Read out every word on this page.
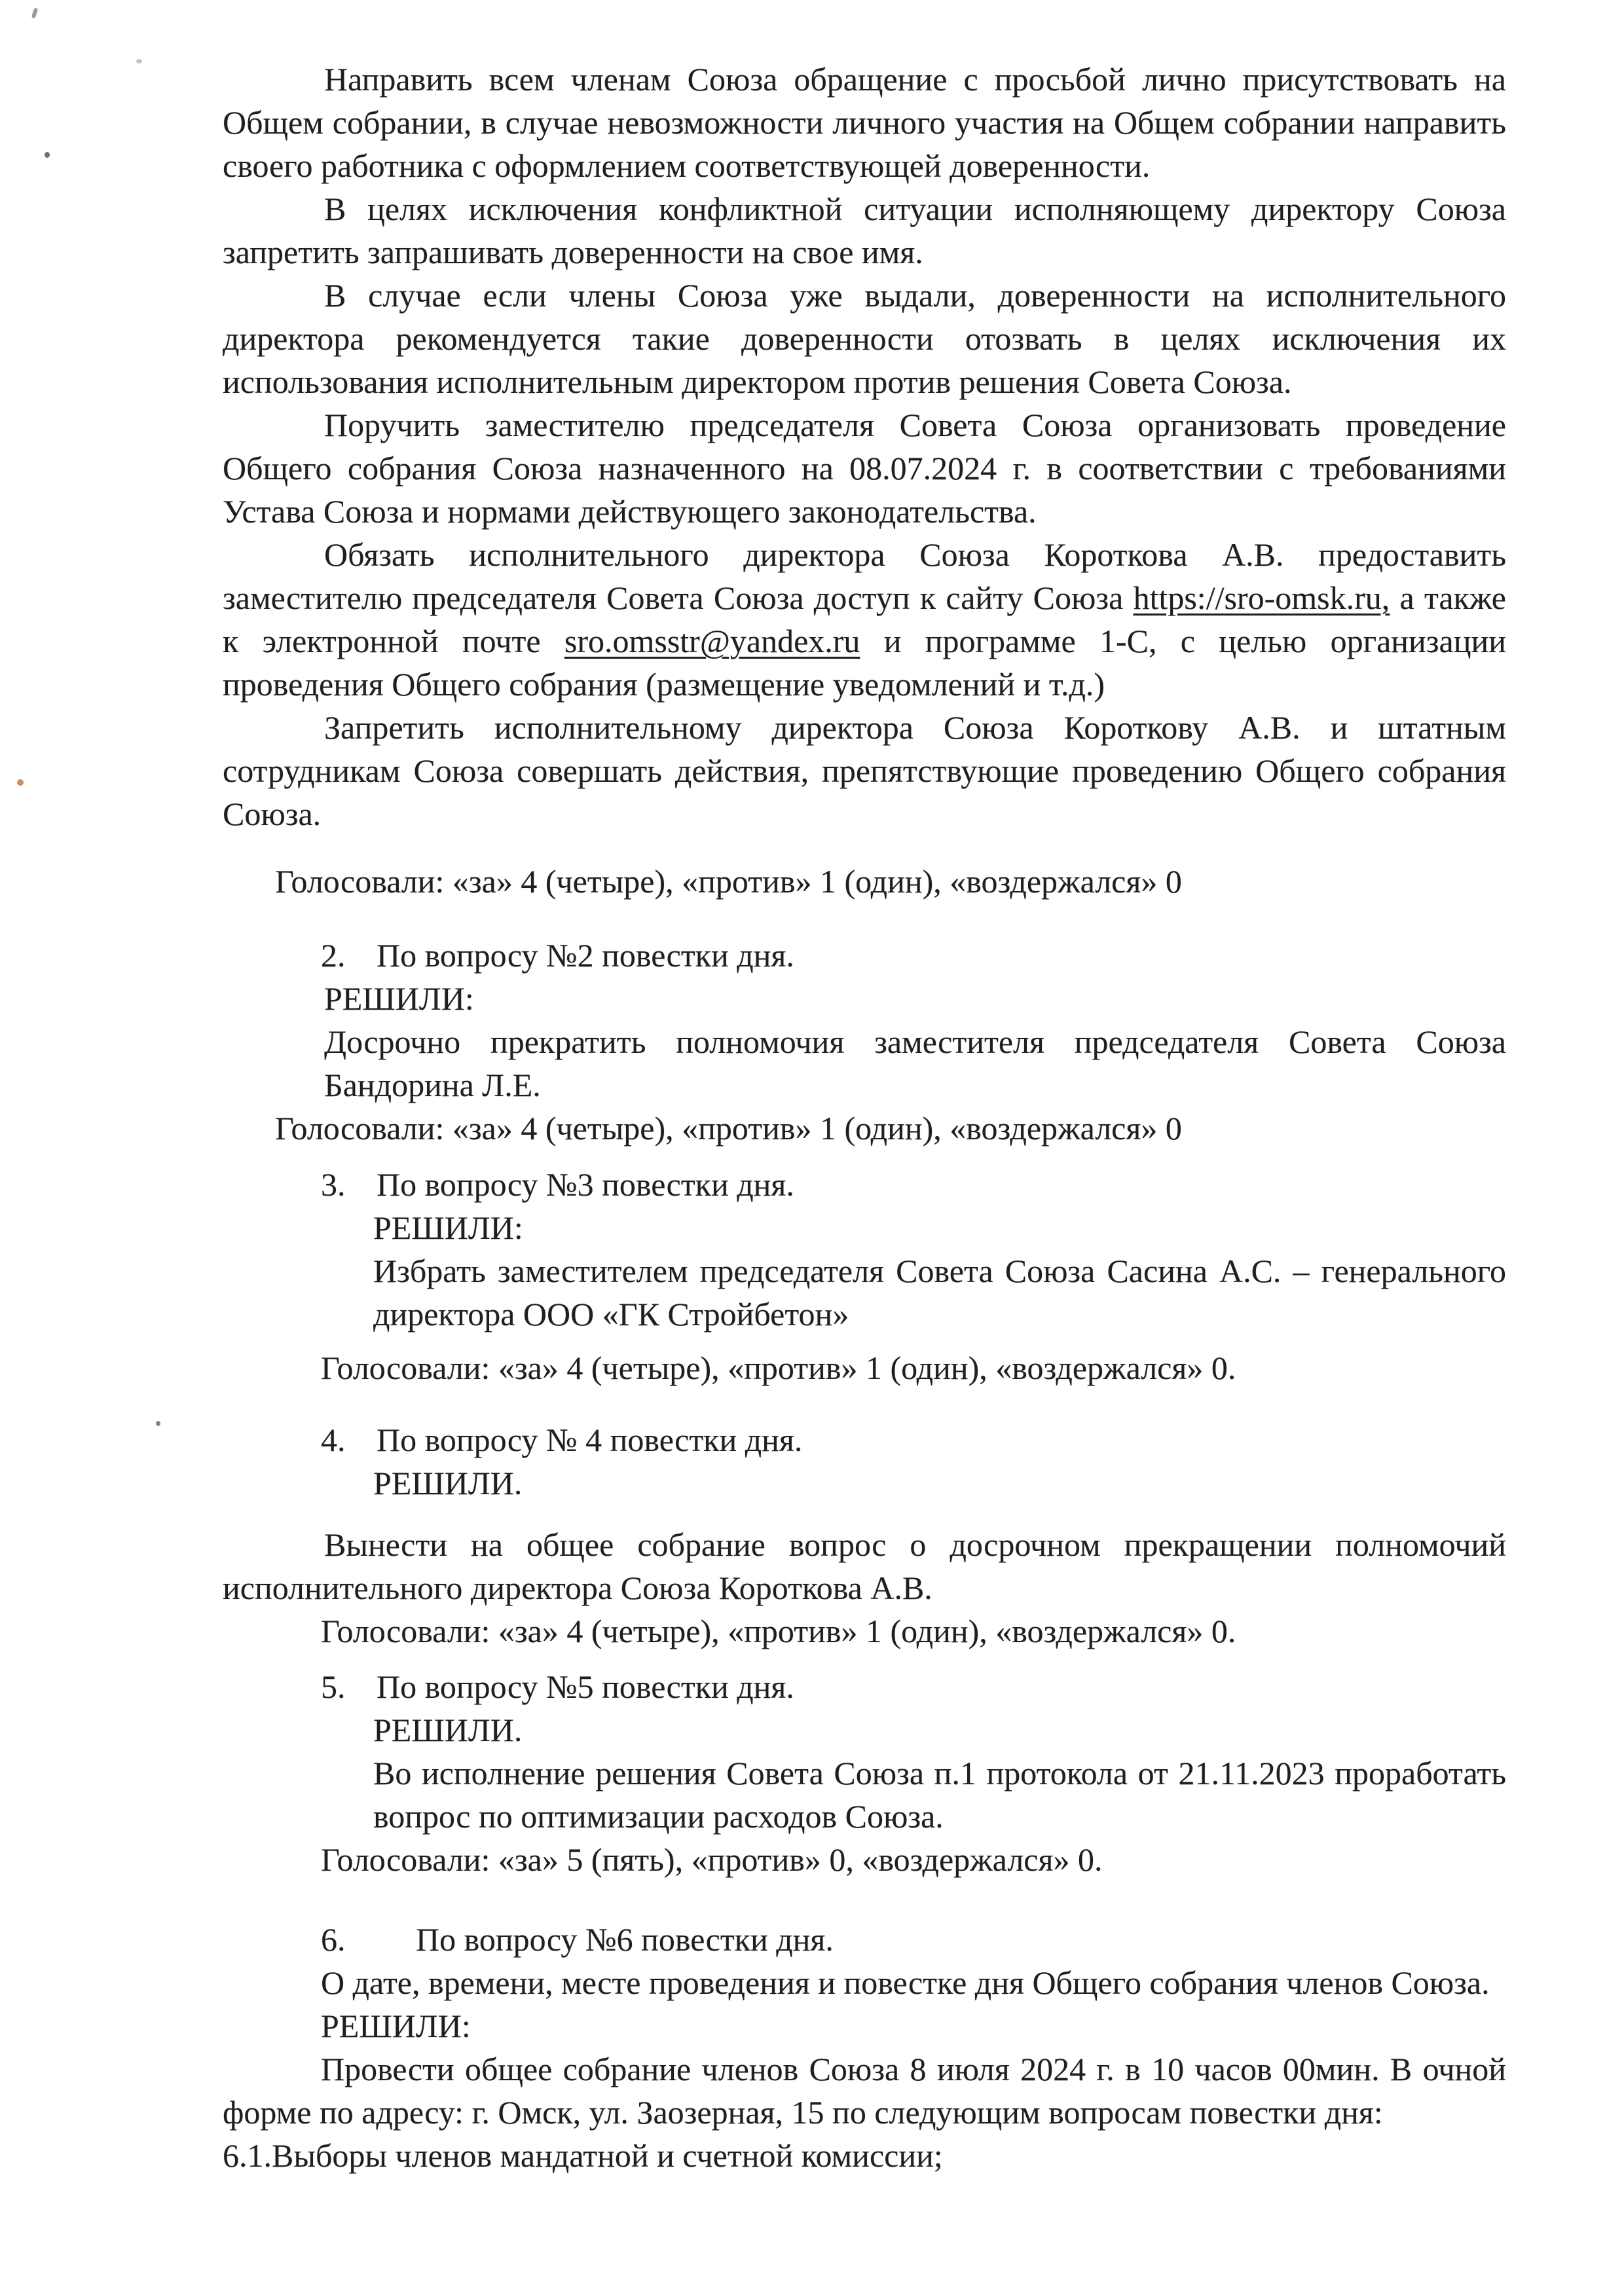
Направить всем членам Союза обращение с просьбой лично присутствовать на Общем собрании, в случае невозможности личного участия на Общем собрании направить своего работника с оформлением соответствующей доверенности.

В целях исключения конфликтной ситуации исполняющему директору Союза запретить запрашивать доверенности на свое имя.

В случае если члены Союза уже выдали, доверенности на исполнительного директора рекомендуется такие доверенности отозвать в целях исключения их использования исполнительным директором против решения Совета Союза.

Поручить заместителю председателя Совета Союза организовать проведение Общего собрания Союза назначенного на 08.07.2024 г. в соответствии с требованиями Устава Союза и нормами действующего законодательства.

Обязать исполнительного директора Союза Короткова А.В. предоставить заместителю председателя Совета Союза доступ к сайту Союза https://sro-omsk.ru, а также к электронной почте sro.omsstr@yandex.ru и программе 1-С, с целью организации проведения Общего собрания (размещение уведомлений и т.д.)

Запретить исполнительному директора Союза Короткову А.В. и штатным сотрудникам Союза совершать действия, препятствующие проведению Общего собрания Союза.

Голосовали: «за» 4 (четыре), «против» 1 (один), «воздержался» 0

2. По вопросу №2 повестки дня.
РЕШИЛИ:
Досрочно прекратить полномочия заместителя председателя Совета Союза Бандорина Л.Е.

Голосовали: «за» 4 (четыре), «против» 1 (один), «воздержался» 0

3. По вопросу №3 повестки дня.
РЕШИЛИ:
Избрать заместителем председателя Совета Союза Сасина А.С. – генерального директора ООО «ГК Стройбетон»

Голосовали: «за» 4 (четыре), «против» 1 (один), «воздержался» 0.

4. По вопросу № 4 повестки дня.
РЕШИЛИ.
Вынести на общее собрание вопрос о досрочном прекращении полномочий исполнительного директора Союза Короткова А.В.

Голосовали: «за» 4 (четыре), «против» 1 (один), «воздержался» 0.

5. По вопросу №5 повестки дня.
РЕШИЛИ.
Во исполнение решения Совета Союза п.1 протокола от 21.11.2023 проработать вопрос по оптимизации расходов Союза.

Голосовали: «за» 5 (пять), «против» 0, «воздержался» 0.

6.	По вопросу №6 повестки дня.
О дате, времени, месте проведения и повестке дня Общего собрания членов Союза.
РЕШИЛИ:
Провести общее собрание членов Союза 8 июля 2024 г. в 10 часов 00мин. В очной форме по адресу: г. Омск, ул. Заозерная, 15 по следующим вопросам повестки дня:
6.1.Выборы членов мандатной и счетной комиссии;
